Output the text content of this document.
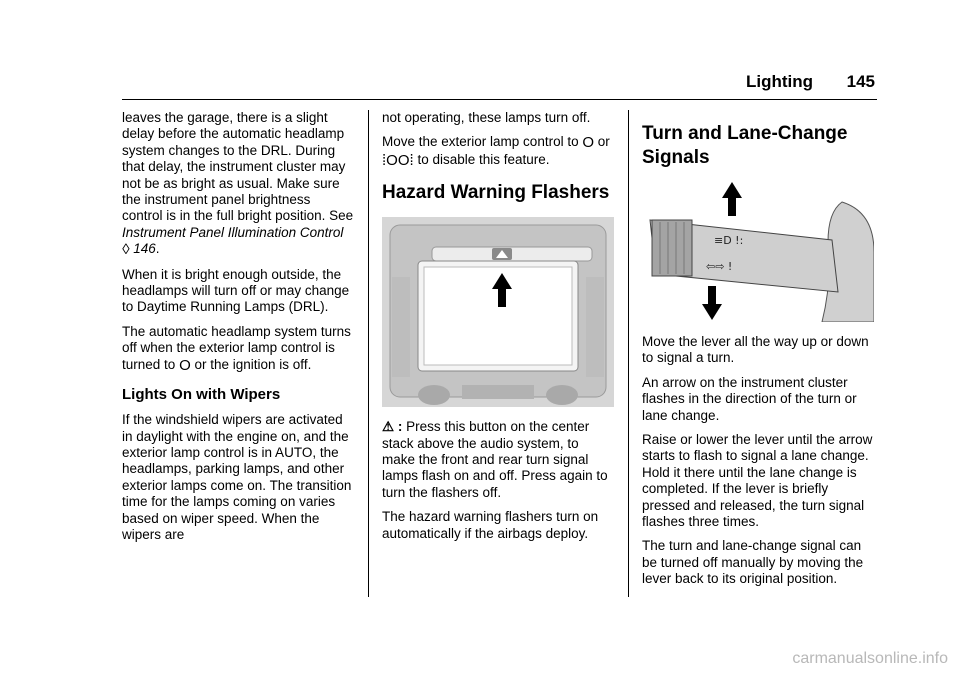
Lighting 145

leaves the garage, there is a slight delay before the automatic headlamp system changes to the DRL. During that delay, the instrument cluster may not be as bright as usual. Make sure the instrument panel brightness control is in the full bright position. See Instrument Panel Illumination Control ◊ 146.

When it is bright enough outside, the headlamps will turn off or may change to Daytime Running Lamps (DRL).

The automatic headlamp system turns off when the exterior lamp control is turned to O or the ignition is off.

Lights On with Wipers

If the windshield wipers are activated in daylight with the engine on, and the exterior lamp control is in AUTO, the headlamps, parking lamps, and other exterior lamps come on. The transition time for the lamps coming on varies based on wiper speed. When the wipers are

not operating, these lamps turn off.

Move the exterior lamp control to O or ⁞OO⁞ to disable this feature.

Hazard Warning Flashers

⚠ : Press this button on the center stack above the audio system, to make the front and rear turn signal lamps flash on and off. Press again to turn the flashers off.

The hazard warning flashers turn on automatically if the airbags deploy.

Turn and Lane-Change Signals
≡D !:
⇦⇨ !

Move the lever all the way up or down to signal a turn.

An arrow on the instrument cluster flashes in the direction of the turn or lane change.

Raise or lower the lever until the arrow starts to flash to signal a lane change. Hold it there until the lane change is completed. If the lever is briefly pressed and released, the turn signal flashes three times.

The turn and lane-change signal can be turned off manually by moving the lever back to its original position.

carmanualsonline.info
